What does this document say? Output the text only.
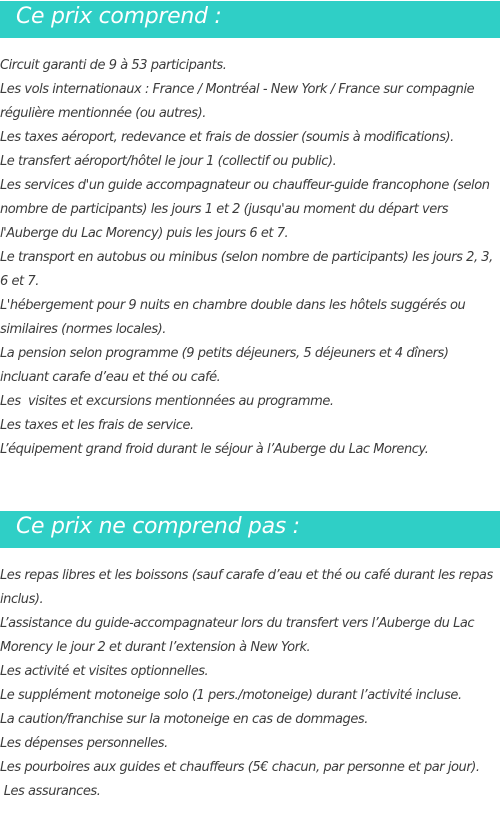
Ce prix comprend :
Circuit garanti de 9 à 53 participants.
Les vols internationaux : France / Montréal - New York / France sur compagnie régulière mentionnée (ou autres).
Les taxes aéroport, redevance et frais de dossier (soumis à modifications).
Le transfert aéroport/hôtel le jour 1 (collectif ou public).
Les services d'un guide accompagnateur ou chauffeur-guide francophone (selon nombre de participants) les jours 1 et 2 (jusqu'au moment du départ vers l'Auberge du Lac Morency) puis les jours 6 et 7.
Le transport en autobus ou minibus (selon nombre de participants) les jours 2, 3, 6 et 7.
L'hébergement pour 9 nuits en chambre double dans les hôtels suggérés ou similaires (normes locales).
La pension selon programme (9 petits déjeuners, 5 déjeuners et 4 dîners) incluant carafe d’eau et thé ou café.
Les  visites et excursions mentionnées au programme.
Les taxes et les frais de service.
L’équipement grand froid durant le séjour à l’Auberge du Lac Morency.
Ce prix ne comprend pas :
Les repas libres et les boissons (sauf carafe d’eau et thé ou café durant les repas inclus).
L’assistance du guide-accompagnateur lors du transfert vers l’Auberge du Lac Morency le jour 2 et durant l’extension à New York.
Les activité et visites optionnelles.
Le supplément motoneige solo (1 pers./motoneige) durant l’activité incluse.
La caution/franchise sur la motoneige en cas de dommages.
Les dépenses personnelles.
Les pourboires aux guides et chauffeurs (5€ chacun, par personne et par jour).
Les assurances.
